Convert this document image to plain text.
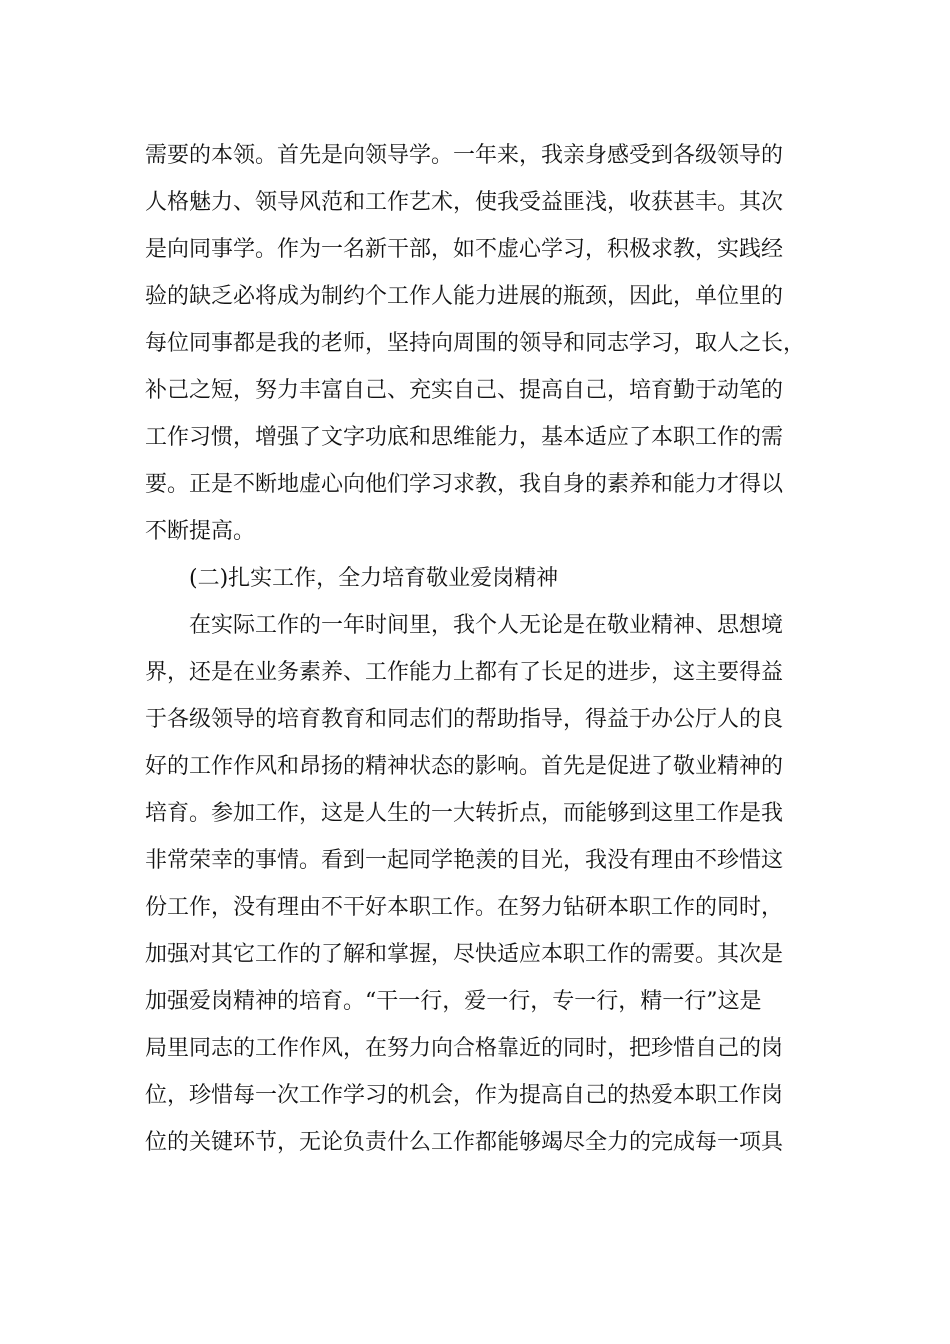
需要的本领。首先是向领导学。一年来，我亲身感受到各级领导的
人格魅力、领导风范和工作艺术，使我受益匪浅，收获甚丰。其次
是向同事学。作为一名新干部，如不虚心学习，积极求教，实践经
验的缺乏必将成为制约个工作人能力进展的瓶颈，因此，单位里的
每位同事都是我的老师，坚持向周围的领导和同志学习，取人之长，
补己之短，努力丰富自己、充实自己、提高自己，培育勤于动笔的
工作习惯，增强了文字功底和思维能力，基本适应了本职工作的需
要。正是不断地虚心向他们学习求教，我自身的素养和能力才得以
不断提高。
(二)扎实工作，全力培育敬业爱岗精神
在实际工作的一年时间里，我个人无论是在敬业精神、思想境
界，还是在业务素养、工作能力上都有了长足的进步，这主要得益
于各级领导的培育教育和同志们的帮助指导，得益于办公厅人的良
好的工作作风和昂扬的精神状态的影响。首先是促进了敬业精神的
培育。参加工作，这是人生的一大转折点，而能够到这里工作是我
非常荣幸的事情。看到一起同学艳羡的目光，我没有理由不珍惜这
份工作，没有理由不干好本职工作。在努力钻研本职工作的同时，
加强对其它工作的了解和掌握，尽快适应本职工作的需要。其次是
加强爱岗精神的培育。“干一行，爱一行，专一行，精一行”这是
局里同志的工作作风，在努力向合格靠近的同时，把珍惜自己的岗
位，珍惜每一次工作学习的机会，作为提高自己的热爱本职工作岗
位的关键环节，无论负责什么工作都能够竭尽全力的完成每一项具
